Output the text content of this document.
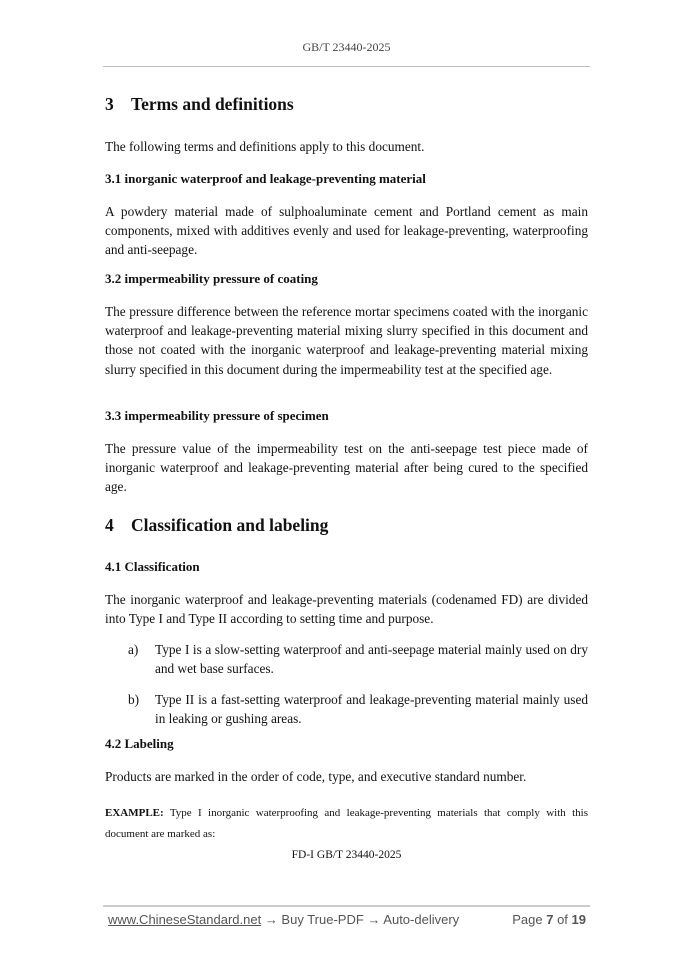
GB/T 23440-2025
3 Terms and definitions
The following terms and definitions apply to this document.
3.1 inorganic waterproof and leakage-preventing material
A powdery material made of sulphoaluminate cement and Portland cement as main components, mixed with additives evenly and used for leakage-preventing, waterproofing and anti-seepage.
3.2 impermeability pressure of coating
The pressure difference between the reference mortar specimens coated with the inorganic waterproof and leakage-preventing material mixing slurry specified in this document and those not coated with the inorganic waterproof and leakage-preventing material mixing slurry specified in this document during the impermeability test at the specified age.
3.3 impermeability pressure of specimen
The pressure value of the impermeability test on the anti-seepage test piece made of inorganic waterproof and leakage-preventing material after being cured to the specified age.
4 Classification and labeling
4.1 Classification
The inorganic waterproof and leakage-preventing materials (codenamed FD) are divided into Type I and Type II according to setting time and purpose.
a)	Type I is a slow-setting waterproof and anti-seepage material mainly used on dry and wet base surfaces.
b)	Type II is a fast-setting waterproof and leakage-preventing material mainly used in leaking or gushing areas.
4.2 Labeling
Products are marked in the order of code, type, and executive standard number.
EXAMPLE: Type I inorganic waterproofing and leakage-preventing materials that comply with this document are marked as:
FD-I GB/T 23440-2025
www.ChineseStandard.net → Buy True-PDF → Auto-delivery	Page 7 of 19
